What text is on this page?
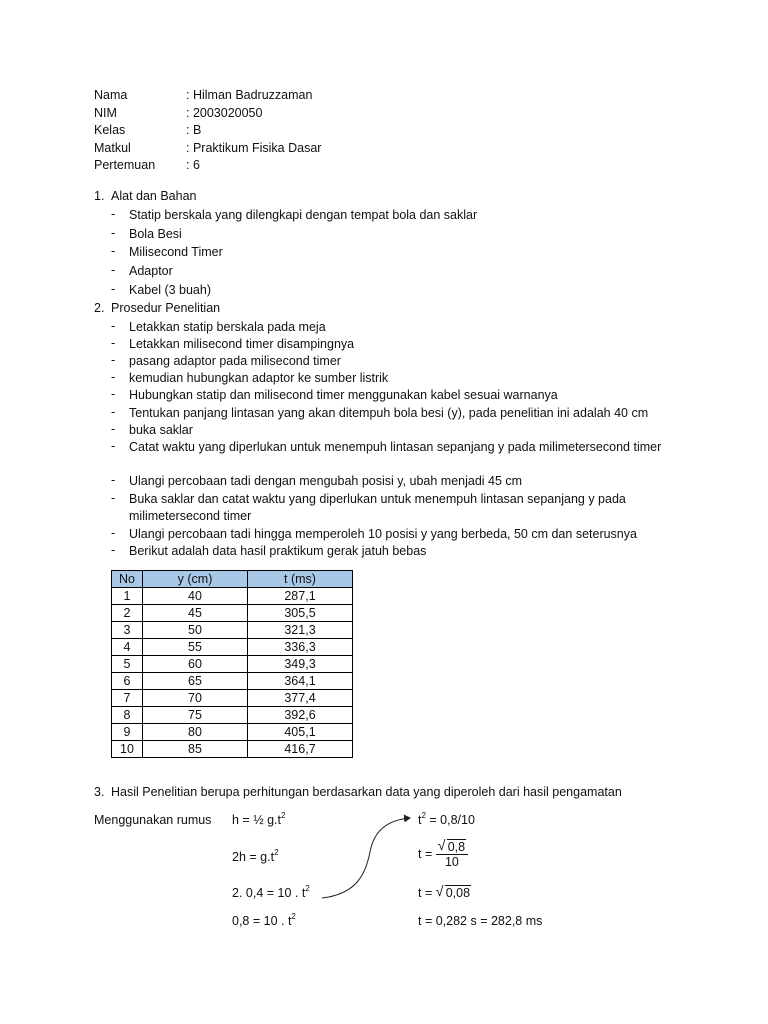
Nama	: Hilman Badruzzaman
NIM	: 2003020050
Kelas	: B
Matkul	: Praktikum Fisika Dasar
Pertemuan : 6
1. Alat dan Bahan
- Statip berskala yang dilengkapi dengan tempat bola dan saklar
- Bola Besi
- Milisecond Timer
- Adaptor
- Kabel (3 buah)
2. Prosedur Penelitian
- Letakkan statip berskala pada meja
- Letakkan milisecond timer disampingnya
- pasang adaptor pada milisecond timer
- kemudian hubungkan adaptor ke sumber listrik
- Hubungkan statip dan milisecond timer menggunakan kabel sesuai warnanya
- Tentukan panjang lintasan yang akan ditempuh bola besi (y), pada penelitian ini adalah 40 cm
- buka saklar
- Catat waktu yang diperlukan untuk menempuh lintasan sepanjang y pada milimetersecond timer
- Ulangi percobaan tadi dengan mengubah posisi y, ubah menjadi 45 cm
- Buka saklar dan catat waktu yang diperlukan untuk menempuh lintasan sepanjang y pada milimetersecond timer
- Ulangi percobaan tadi hingga memperoleh 10 posisi y yang berbeda, 50 cm dan seterusnya
- Berikut adalah data hasil praktikum gerak jatuh bebas
No	y (cm)	t (ms)
1	40	287,1
2	45	305,5
3	50	321,3
4	55	336,3
5	60	349,3
6	65	364,1
7	70	377,4
8	75	392,6
9	80	405,1
10	85	416,7
3. Hasil Penelitian berupa perhitungan berdasarkan data yang diperoleh dari hasil pengamatan
Menggunakan rumus h = ½ $g.t^2$
$2h = g.t^2$
2. 0,4 = 10 . $t^2$
0,8 = 10 . $t^2$
$t^2 = 0,8/10$
$t = \frac{√ 0,8}{10}$
t = √ 0,08
t = 0,282 s = 282,8 ms
